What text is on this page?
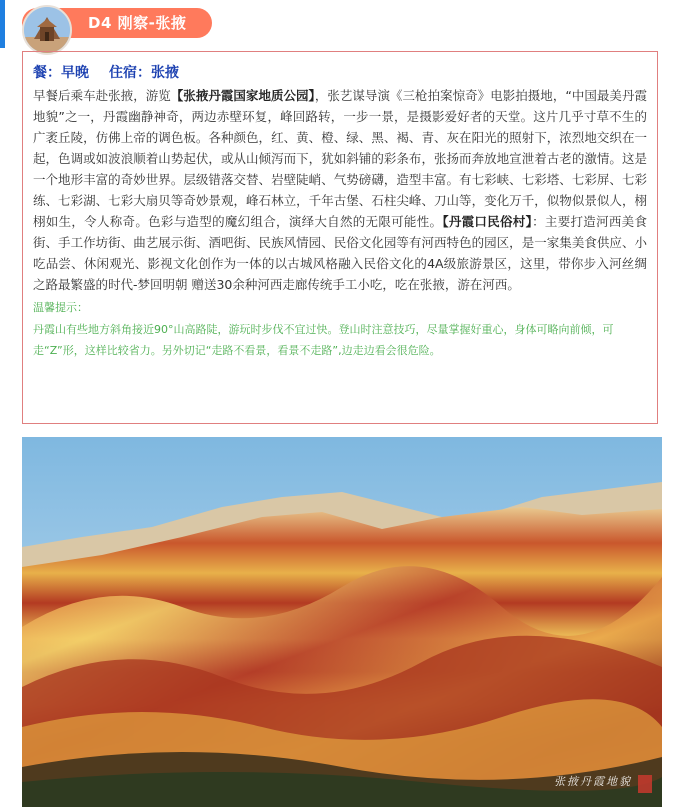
D4 刚察-张掖
餐：早晚 住宿：张掖

早餐后乘车赴张掖，游览【张掖丹霞国家地质公园】，张艺谋导演《三枪拍案惊奇》电影拍摄地，“中国最美丹霞地貌”之一，丹霞幽静神奇，两边赤壁环复，峰回路转，一步一景，是摄影爱好者的天堂。这片几乎寸草不生的广袤丘陵，仿佛上帝的调色板。各种颜色，红、黄、橙、绿、黑、褐、青、灰在阳光的照射下，浓烈地交织在一起，色调或如波浪顺着山势起伏，或从山倾泻而下，犹如斜铺的彩条布，张扬而奔放地宣泄着古老的激情。这是一个地形丰富的奇妙世界。层级错落交替、岩壁陡峭、气势磅礴，造型丰富。有七彩峡、七彩塔、七彩屏、七彩练、七彩湖、七彩大扇贝等奇妙景观，峰石林立，千年古堡、石柱尖峰、刀山等，变化万千，似物似景似人，栩栩如生，令人称奇。色彩与造型的魔幻组合，演绎大自然的无限可能性。【丹霞口民俗村】：主要打造河西美食街、手工作坊街、曲艺展示街、酒吧街、民族风情园、民俗文化园等有河西特色的园区，是一家集美食供应、小吃品尝、休闲观光、影视文化创作为一体的以古城风格融入民俗文化的4A级旅游景区，这里，带你步入河丝绸之路最繁盛的时代-梦回明朝 赠送30余种河西走廊传统手工小吃，吃在张掖，游在河西。

温馨提示：

丹霞山有些地方斜角接近90°山高路陡，游玩时步伐不宜过快。登山时注意技巧，尽量掌握好重心，身体可略向前倾，可走“Z”形，这样比较省力。另外切记“走路不看景，看景不走路”,边走边看会很危险。

张掖丹霞地貌
